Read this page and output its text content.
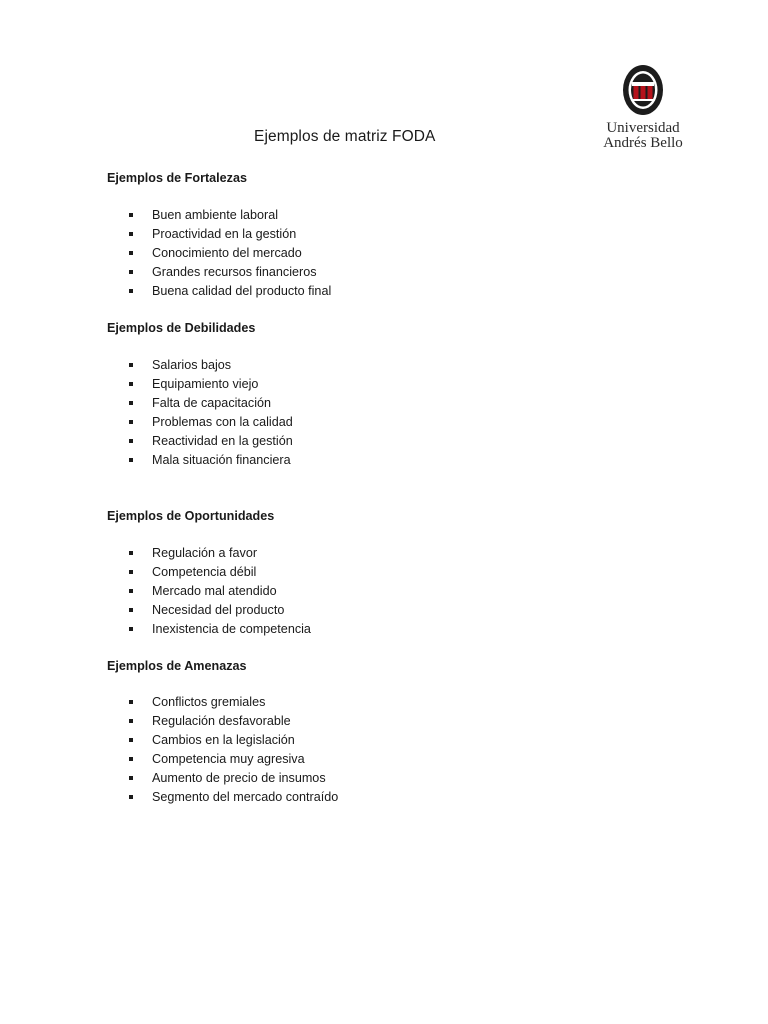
Universidad
Andrés Bello
Ejemplos de matriz FODA
Ejemplos de Fortalezas
Buen ambiente laboral
Proactividad en la gestión
Conocimiento del mercado
Grandes recursos financieros
Buena calidad del producto final
Ejemplos de Debilidades
Salarios bajos
Equipamiento viejo
Falta de capacitación
Problemas con la calidad
Reactividad en la gestión
Mala situación financiera
Ejemplos de Oportunidades
Regulación a favor
Competencia débil
Mercado mal atendido
Necesidad del producto
Inexistencia de competencia
Ejemplos de Amenazas
Conflictos gremiales
Regulación desfavorable
Cambios en la legislación
Competencia muy agresiva
Aumento de precio de insumos
Segmento del mercado contraído
